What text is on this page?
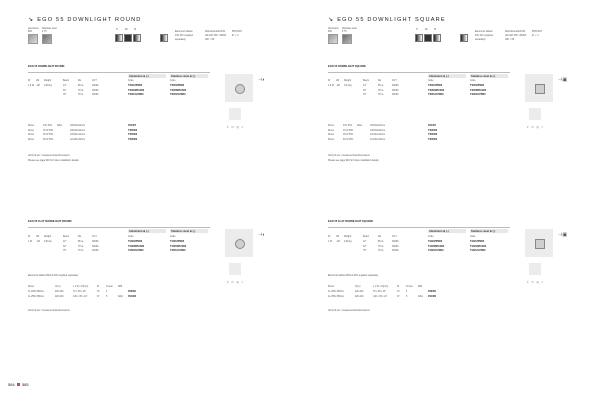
↘ EGO 55 DOWNLIGHT ROUND
Aluminium
#09
Stainless steel
# 75
H	IM	IS
Electronic ballast
24V DC/ supplied
separately
Warm/Neutral/CCM
LW-LW/ 3W/ >3000K
CRI > 80
IP65 IK07
IK ✓ ▾
EGO 55 DOWNLIGHT ROUND
Aluminium ⊗ (-)	Stainless steel ⊗ (-)
W	LM Weight	Beam	Ra	CCT	Code	Code
1,6 W ~80 0,28 kg	14°	85 ra	3000K	T4001ZPW00	T4000ZPW00
32°	78 ra	3000K	T4001WPLW00	T4000WPLW00
76°	78 ra	3000K	T4001ZLPW00	T4000ZLPW00
Driver	24V PS1 DALI	105x32x22mm	ZS1307
Driver	15 W PS1	105x32x22mm	T400006
Driver	30 W PS1	122x41x22mm	T400008
Driver	60 W PS1	121x61x30mm	T400009
Verify lit acc / measured total dimensions
Please see page 940 for fixture installation details
ℂ ▭ ◎ ✓
⊣◐
EGO 55 FLAT DOWNLIGHT ROUND
Aluminium ⊗ (-)	Stainless steel ⊗ (-)
W	LM Weight	Beam	Ra	CCT	Code	Code
1 W ~65 0,26 kg	12°	85 ra	3000K	T4400ZPW00	T4401ZPW00
32°	78 ra	3000K	T4400WPLW00	T4401WPLW00
76°	78 ra	3000K	T4400ZLPW00	T4401ZLPW00
Electronic ballast 350mA 30V supplied separately
Driver	V(cc)	L x W x H(mm)	W	N.max DIM
1L 18W 350mA	220-240	76 x 38 x 25	15	4	ZS3081
1L 25W 350mA	220-240	140 x 35 x 23	37	5	DALI ZS1082
Verify lit acc / measured total dimensions
ℂ ▭ ◎ ✓
⊣◐
↘ EGO 55 DOWNLIGHT SQUARE
Aluminium
#09
Stainless steel
# 75
H	IM	IS
Electronic ballast
24V DC/ supplied
separately
Warm/Neutral/CCM
LW-LW/ 3W/ >3000K
CRI > 80
IP65 IK07
IK ✓ ▾
EGO 55 DOWNLIGHT SQUARE
Aluminium ⊗ (-)	Stainless steel ⊗ (-)
W	LM Weight	Beam	Ra	CCT	Code	Code
1,6 W ~80 0,34 kg	14°	85 ra	3000K	T4031ZPW00	T4030ZPW00
32°	78 ra	3000K	T4031WPLW00	T4030WPLW00
76°	78 ra	3000K	T4031ZLPW00	T4030ZLPW00
Driver	24V PS1 DALI	105x32x22mm	ZS1307
Driver	15 W PS1	105x32x22mm	T400006
Driver	30 W PS1	122x41x22mm	T400008
Driver	60 W PS1	121x61x30mm	T400009
Verify lit acc / measured total dimensions
Please see page 940 for fixture installation details
ℂ ▭ ◎ ✓
⊣▣
EGO 55 FLAT DOWNLIGHT SQUARE
Aluminium ⊗ (-)	Stainless steel ⊗ (-)
W	LM Weight	Beam	Ra	CCT	Code	Code
1 W ~65 0,28 kg	12°	85 ra	3000K	T4420ZPW00	T4421ZPW00
32°	78 ra	3000K	T4420WPLW00	T4421WPLW00
76°	78 ra	3000K	T4420ZLPW00	T4421ZLPW00
Electronic ballast 350mA 30V supplied separately
Driver	V(cc)	L x W x H(mm)	W	N.max DIM
1L 18W 350mA	220-240	76 x 38 x 25	15	4	ZS3081
1L 25W 350mA	220-240	140 x 35 x 23	37	5	DALI ZS1082
Verify lit acc / measured total dimensions
ℂ ▭ ◎ ✓
⊣▣
584 585
